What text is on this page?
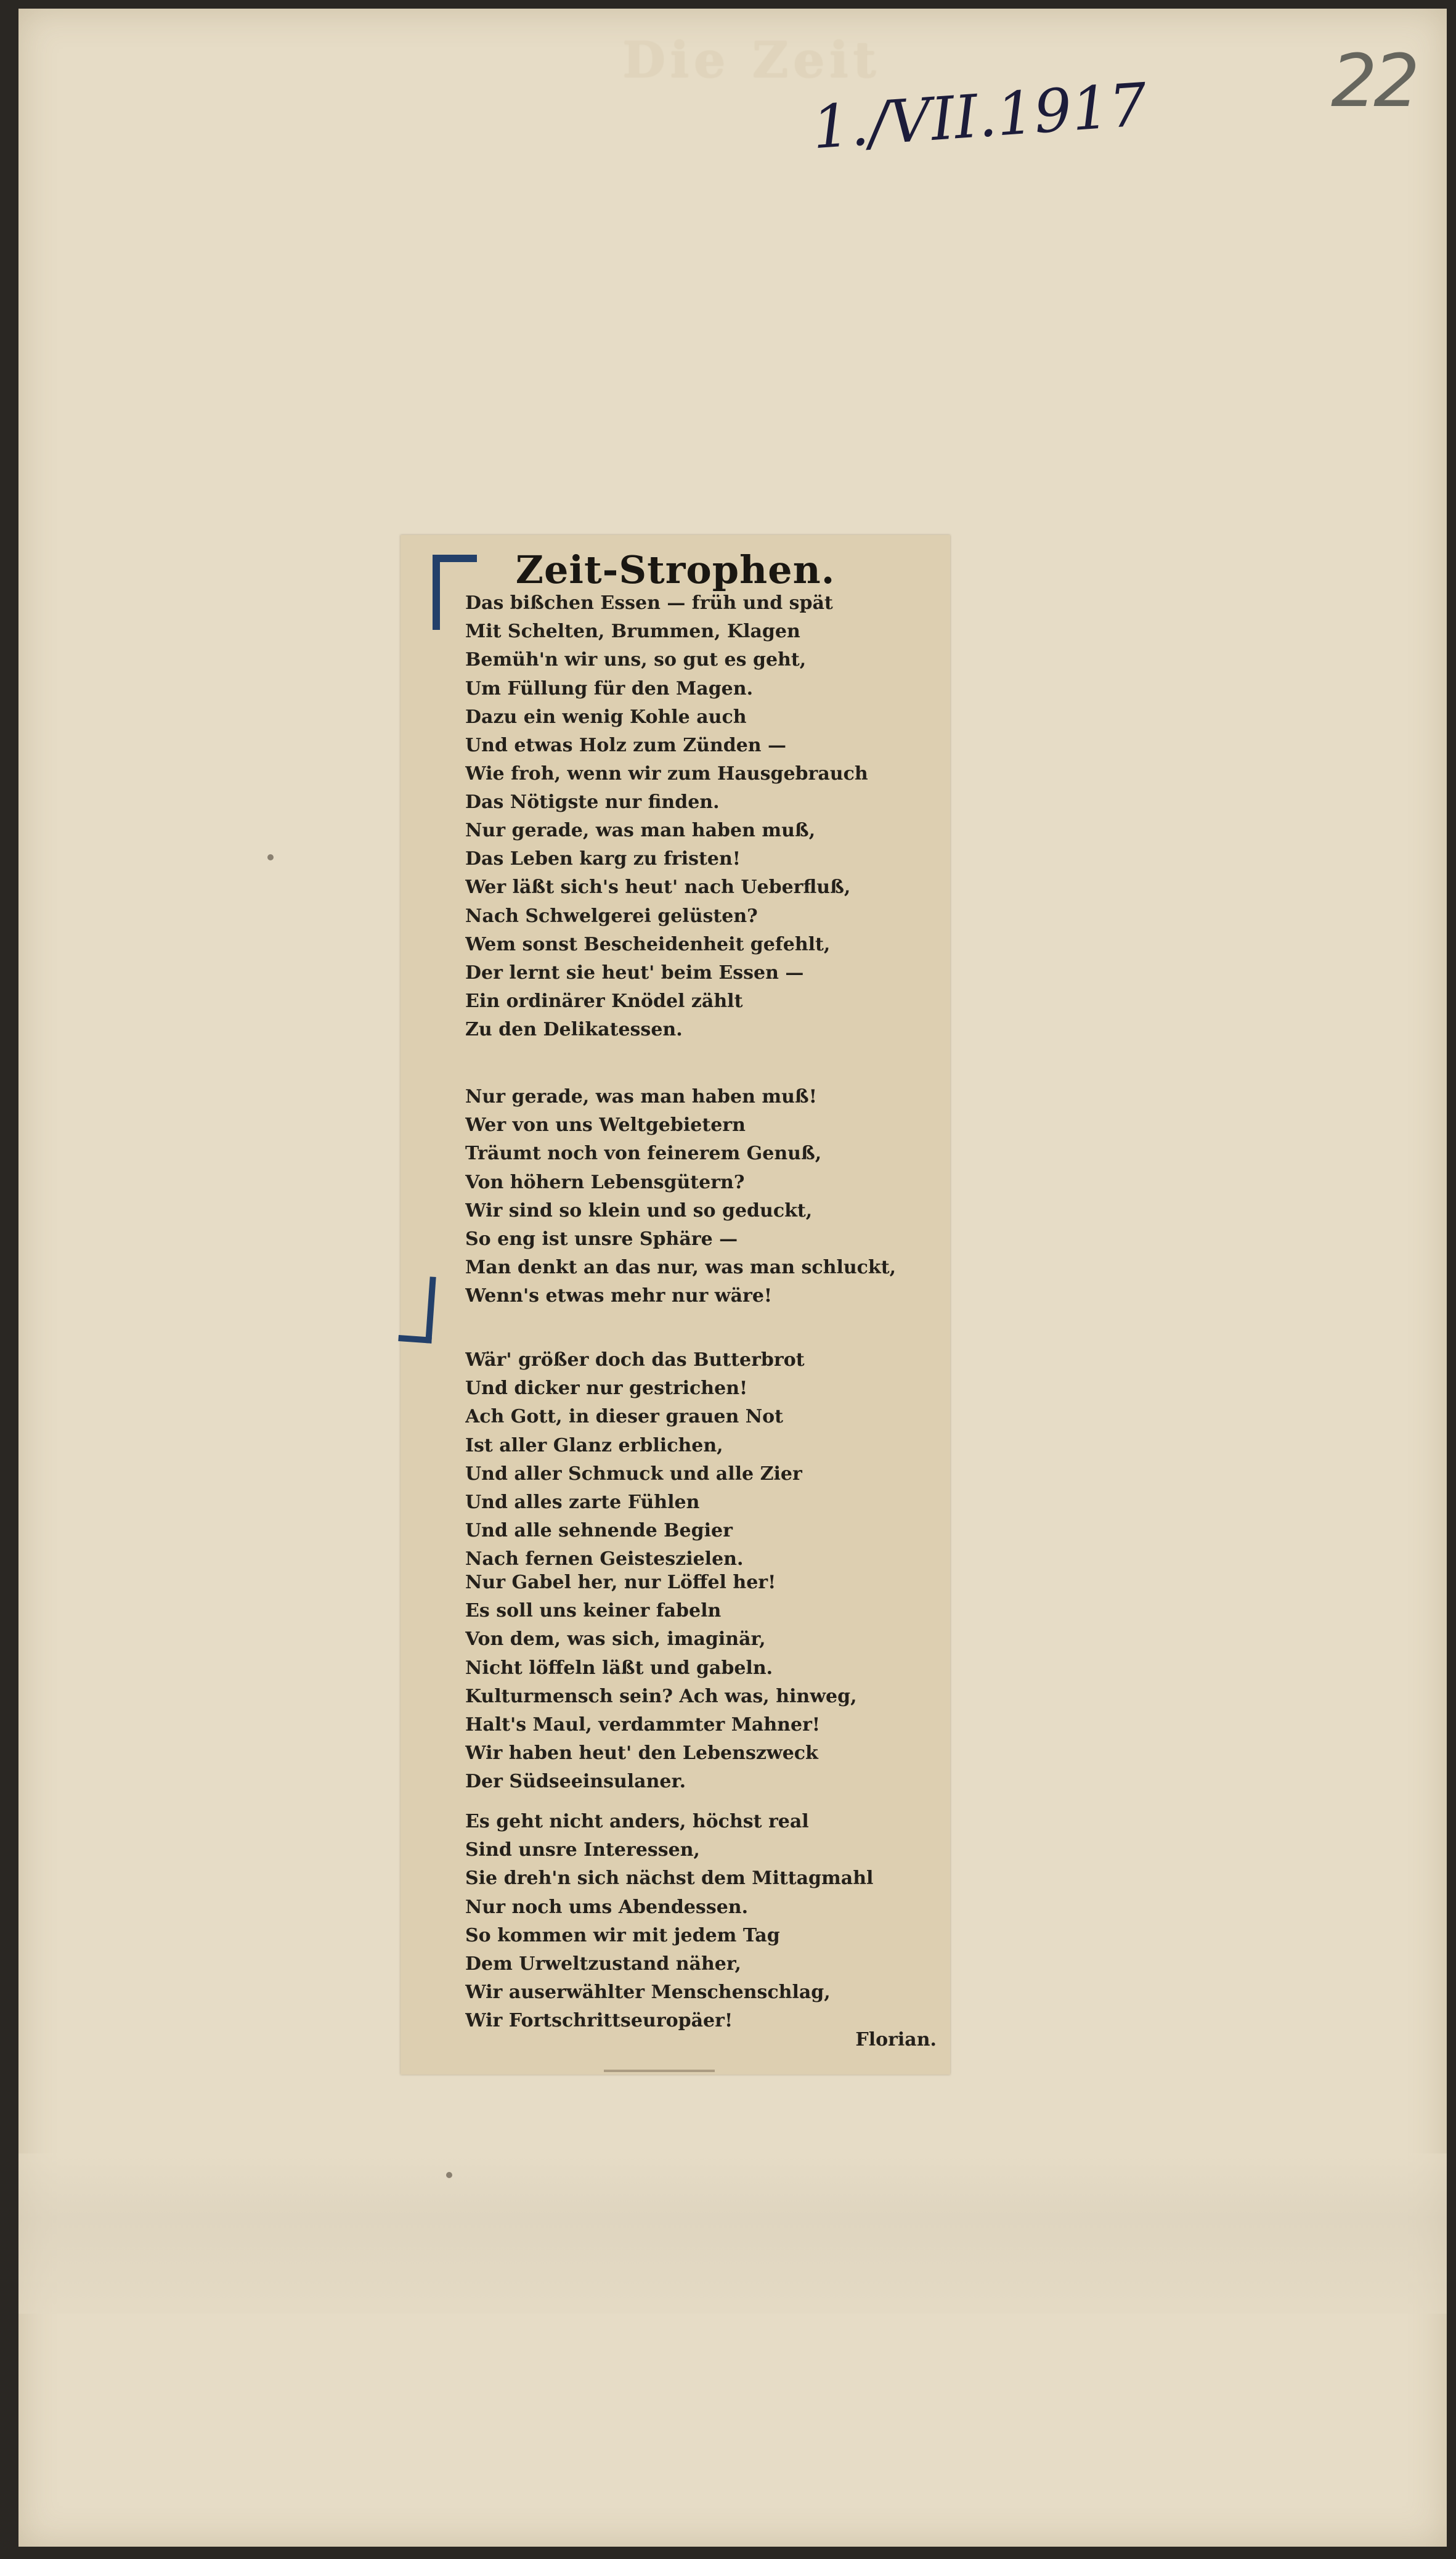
Die Zeit
1./VII.1917	22
Zeit-Strophen.
Das bißchen Essen — früh und spät
Mit Schelten, Brummen, Klagen
Bemüh'n wir uns, so gut es geht,
Um Füllung für den Magen.
Dazu ein wenig Kohle auch
Und etwas Holz zum Zünden —
Wie froh, wenn wir zum Hausgebrauch
Das Nötigste nur finden.
Nur gerade, was man haben muß,
Das Leben karg zu fristen!
Wer läßt sich's heut' nach Ueberfluß,
Nach Schwelgerei gelüsten?
Wem sonst Bescheidenheit gefehlt,
Der lernt sie heut' beim Essen —
Ein ordinärer Knödel zählt
Zu den Delikatessen.
Nur gerade, was man haben muß!
Wer von uns Weltgebietern
Träumt noch von feinerem Genuß,
Von höhern Lebensgütern?
Wir sind so klein und so geduckt,
So eng ist unsre Sphäre —
Man denkt an das nur, was man schluckt,
Wenn's etwas mehr nur wäre!
Wär' größer doch das Butterbrot
Und dicker nur gestrichen!
Ach Gott, in dieser grauen Not
Ist aller Glanz erblichen,
Und aller Schmuck und alle Zier
Und alles zarte Fühlen
Und alle sehnende Begier
Nach fernen Geisteszielen.
Nur Gabel her, nur Löffel her!
Es soll uns keiner fabeln
Von dem, was sich, imaginär,
Nicht löffeln läßt und gabeln.
Kulturmensch sein? Ach was, hinweg,
Halt's Maul, verdammter Mahner!
Wir haben heut' den Lebenszweck
Der Südseeinsulaner.
Es geht nicht anders, höchst real
Sind unsre Interessen,
Sie dreh'n sich nächst dem Mittagmahl
Nur noch ums Abendessen.
So kommen wir mit jedem Tag
Dem Urweltzustand näher,
Wir auserwählter Menschenschlag,
Wir Fortschrittseuropäer!
Florian.
